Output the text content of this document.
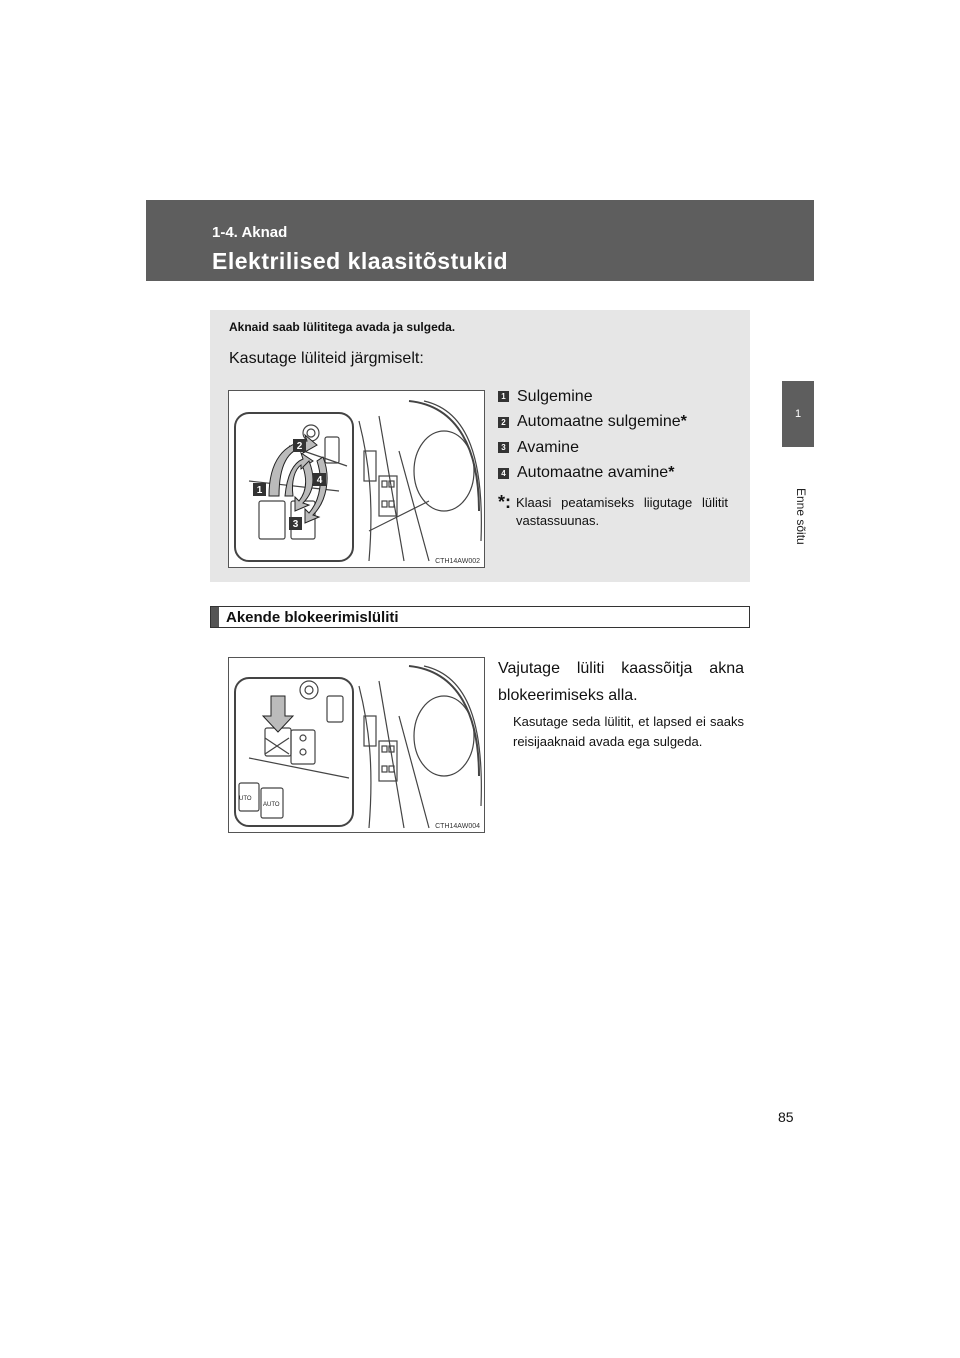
1-4. Aknad
Elektrilised klaasitõstukid
1
Enne sõitu
Aknaid saab lülititega avada ja sulgeda.
Kasutage lüliteid järgmiselt:
1
2
3
4
CTH14AW002
1 Sulgemine
2 Automaatne sulgemine *
3 Avamine
4 Automaatne avamine *
*: Klaasi peatamiseks liigutage lülitit vastassuunas.
Akende blokeerimislüliti
UTO
AUTO
CTH14AW004
Vajutage lüliti kaassõitja akna blokeerimiseks alla.
Kasutage seda lülitit, et lapsed ei saaks reisijaaknaid avada ega sulgeda.
85
